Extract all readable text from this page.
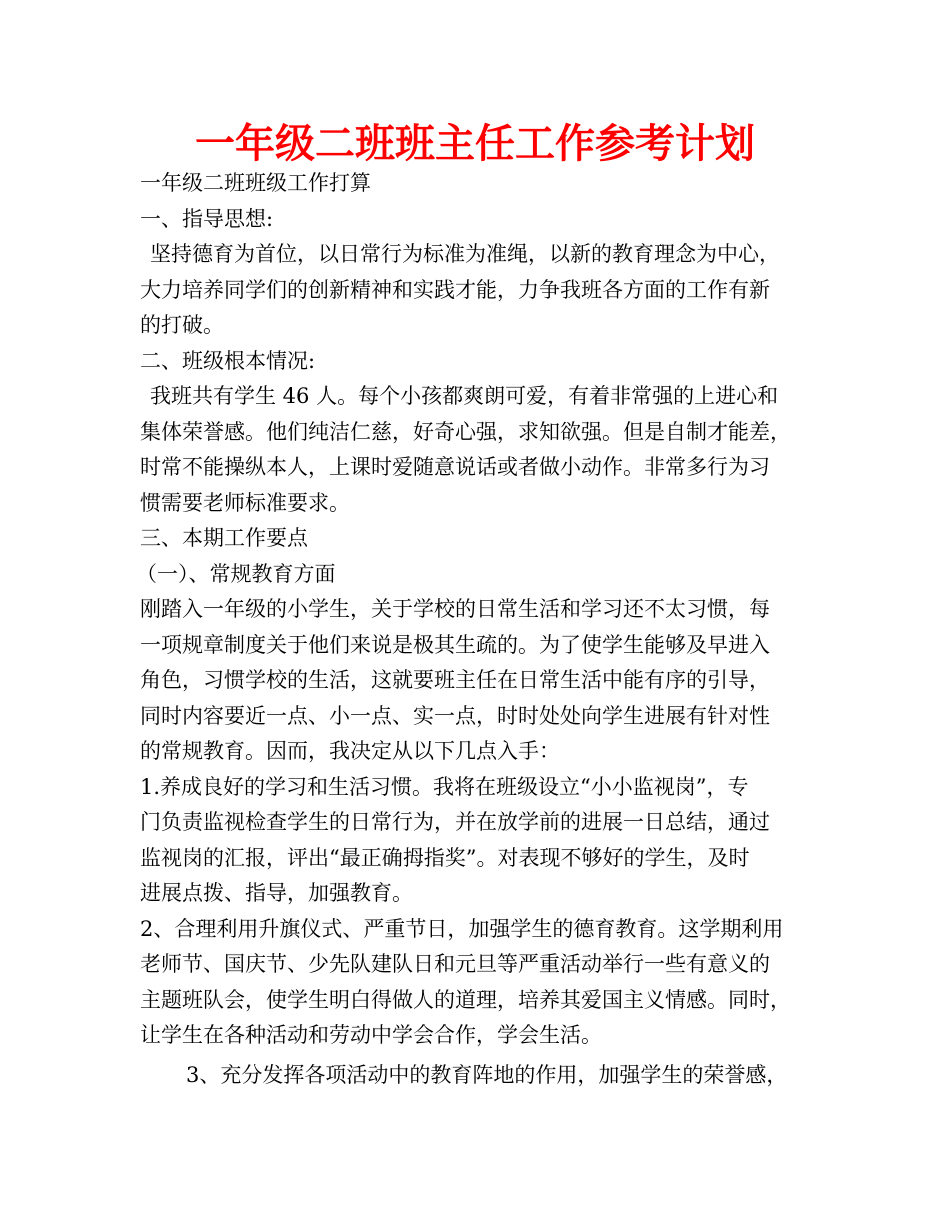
一年级二班班主任工作参考计划
一年级二班班级工作打算
一、指导思想:
坚持德育为首位，以日常行为标准为准绳，以新的教育理念为中心，
大力培养同学们的创新精神和实践才能，力争我班各方面的工作有新
的打破。
二、班级根本情况:
我班共有学生 46 人。每个小孩都爽朗可爱，有着非常强的上进心和
集体荣誉感。他们纯洁仁慈，好奇心强，求知欲强。但是自制才能差，
时常不能操纵本人，上课时爱随意说话或者做小动作。非常多行为习
惯需要老师标准要求。
三、本期工作要点
（一）、常规教育方面
刚踏入一年级的小学生，关于学校的日常生活和学习还不太习惯，每
一项规章制度关于他们来说是极其生疏的。为了使学生能够及早进入
角色，习惯学校的生活，这就要班主任在日常生活中能有序的引导，
同时内容要近一点、小一点、实一点，时时处处向学生进展有针对性
的常规教育。因而，我决定从以下几点入手：
1.养成良好的学习和生活习惯。我将在班级设立“小小监视岗”，专
门负责监视检查学生的日常行为，并在放学前的进展一日总结，通过
监视岗的汇报，评出“最正确拇指奖”。对表现不够好的学生，及时
进展点拨、指导，加强教育。
2、合理利用升旗仪式、严重节日，加强学生的德育教育。这学期利用
老师节、国庆节、少先队建队日和元旦等严重活动举行一些有意义的
主题班队会，使学生明白得做人的道理，培养其爱国主义情感。同时，
让学生在各种活动和劳动中学会合作，学会生活。
3、充分发挥各项活动中的教育阵地的作用，加强学生的荣誉感，
